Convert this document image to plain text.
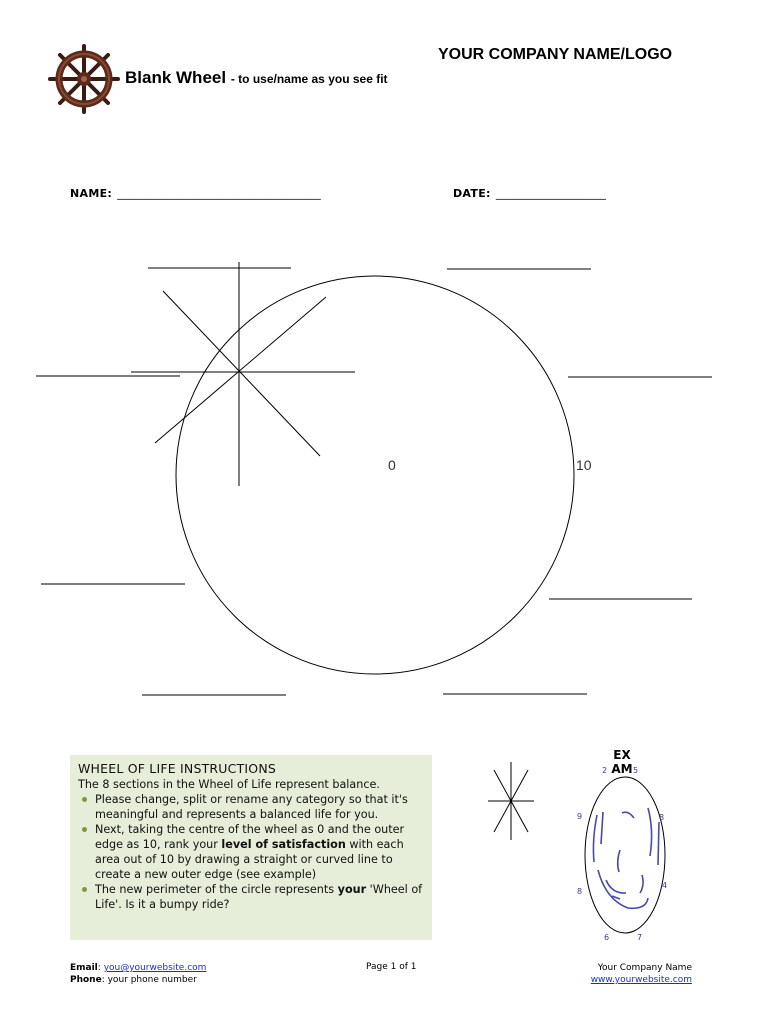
YOUR COMPANY NAME/LOGO
Blank Wheel - to use/name as you see fit
NAME: _____________________________________	DATE: ____________________
0	10
WHEEL OF LIFE INSTRUCTIONS

The 8 sections in the Wheel of Life represent balance.

Please change, split or rename any category so that it's meaningful and represents a balanced life for you.
Next, taking the centre of the wheel as 0 and the outer edge as 10, rank your level of satisfaction with each area out of 10 by drawing a straight or curved line to create a new outer edge (see example)
The new perimeter of the circle represents your 'Wheel of Life'. Is it a bumpy ride?
EX
AM
2	5
9	8
8
4
6	7
Email: you@yourwebsite.com
Phone: your phone number
Page 1 of 1	Your Company Name
www.yourwebsite.com
